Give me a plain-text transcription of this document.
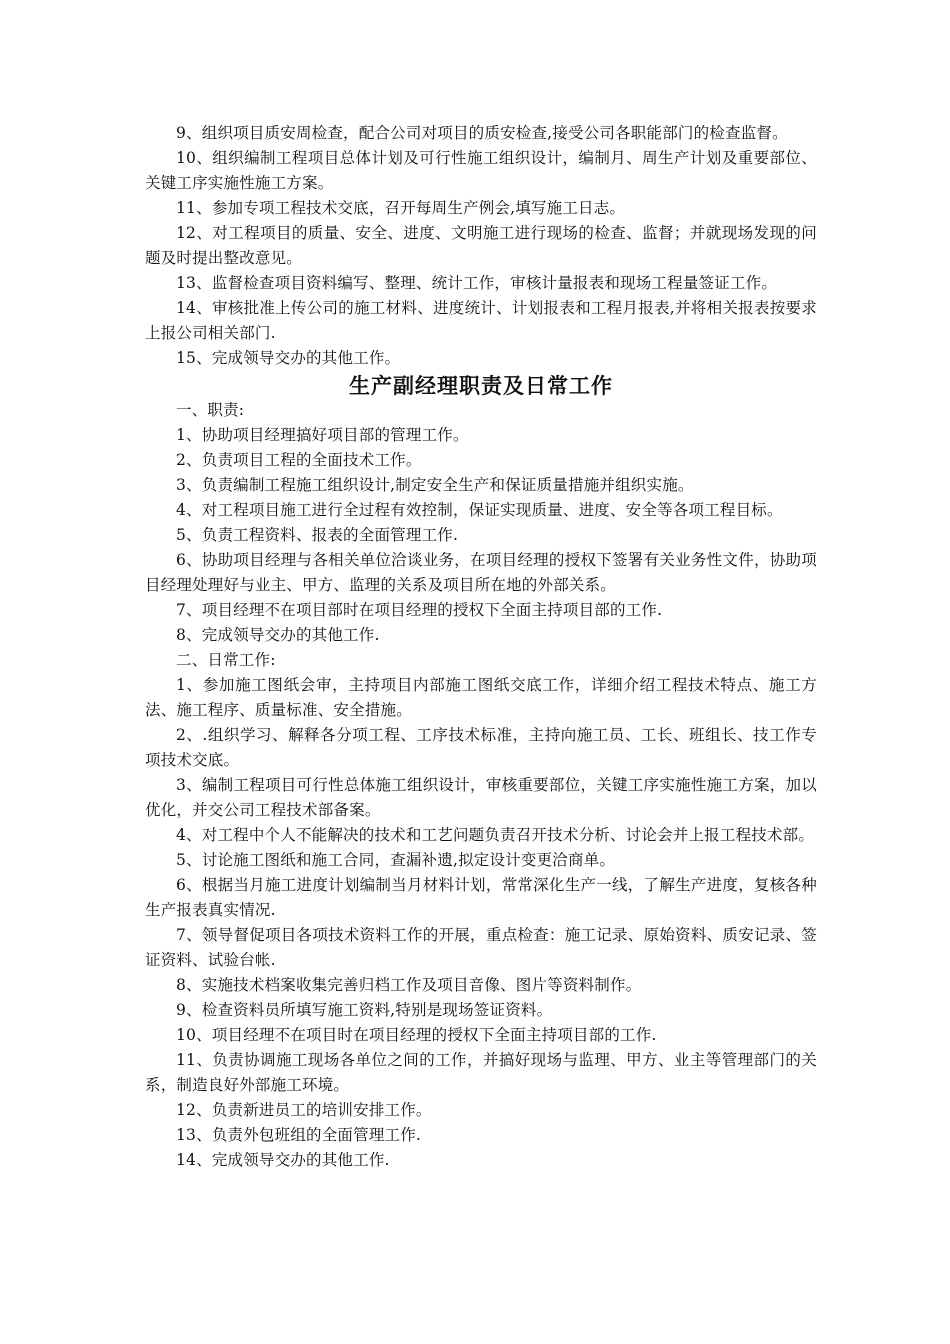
9、组织项目质安周检查，配合公司对项目的质安检查,接受公司各职能部门的检查监督。

10、组织编制工程项目总体计划及可行性施工组织设计，编制月、周生产计划及重要部位、关键工序实施性施工方案。

11、参加专项工程技术交底，召开每周生产例会,填写施工日志。

12、对工程项目的质量、安全、进度、文明施工进行现场的检查、监督；并就现场发现的问题及时提出整改意见。

13、监督检查项目资料编写、整理、统计工作，审核计量报表和现场工程量签证工作。

14、审核批准上传公司的施工材料、进度统计、计划报表和工程月报表,并将相关报表按要求上报公司相关部门.

15、完成领导交办的其他工作。

生产副经理职责及日常工作

一、职责:

1、协助项目经理搞好项目部的管理工作。

2、负责项目工程的全面技术工作。

3、负责编制工程施工组织设计,制定安全生产和保证质量措施并组织实施。

4、对工程项目施工进行全过程有效控制，保证实现质量、进度、安全等各项工程目标。

5、负责工程资料、报表的全面管理工作.

6、协助项目经理与各相关单位洽谈业务，在项目经理的授权下签署有关业务性文件，协助项目经理处理好与业主、甲方、监理的关系及项目所在地的外部关系。

7、项目经理不在项目部时在项目经理的授权下全面主持项目部的工作.

8、完成领导交办的其他工作.

二、日常工作:

1、参加施工图纸会审，主持项目内部施工图纸交底工作，详细介绍工程技术特点、施工方法、施工程序、质量标准、安全措施。

2、.组织学习、解释各分项工程、工序技术标准，主持向施工员、工长、班组长、技工作专项技术交底。

3、编制工程项目可行性总体施工组织设计，审核重要部位，关键工序实施性施工方案，加以优化，并交公司工程技术部备案。

4、对工程中个人不能解决的技术和工艺问题负责召开技术分析、讨论会并上报工程技术部。

5、讨论施工图纸和施工合同，查漏补遗,拟定设计变更洽商单。

6、根据当月施工进度计划编制当月材料计划，常常深化生产一线，了解生产进度，复核各种生产报表真实情况.

7、领导督促项目各项技术资料工作的开展，重点检查：施工记录、原始资料、质安记录、签证资料、试验台帐.

8、实施技术档案收集完善归档工作及项目音像、图片等资料制作。

9、检查资料员所填写施工资料,特别是现场签证资料。

10、项目经理不在项目时在项目经理的授权下全面主持项目部的工作.

11、负责协调施工现场各单位之间的工作，并搞好现场与监理、甲方、业主等管理部门的关系，制造良好外部施工环境。

12、负责新进员工的培训安排工作。

13、负责外包班组的全面管理工作.

14、完成领导交办的其他工作.
